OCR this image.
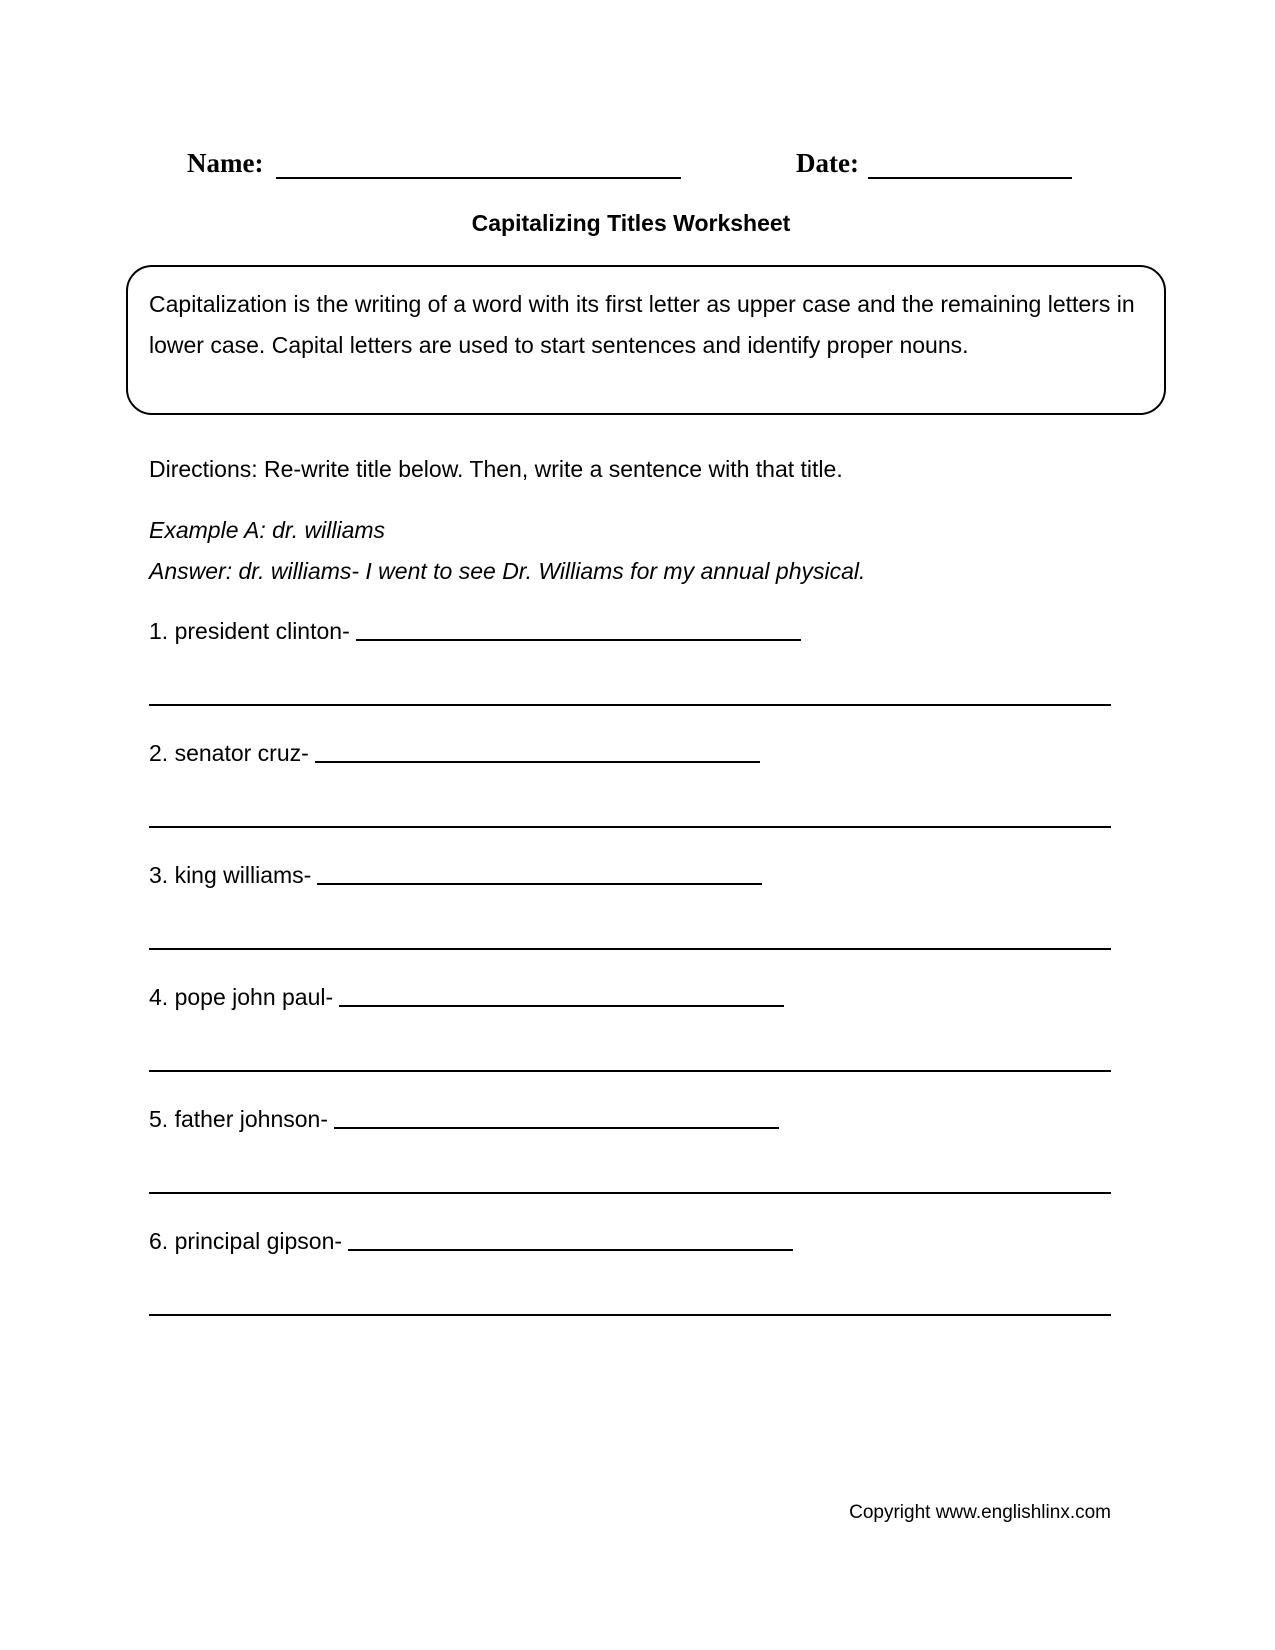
Name:	Date:
Capitalizing Titles Worksheet
Capitalization is the writing of a word with its first letter as upper case and the remaining letters in lower case. Capital letters are used to start sentences and identify proper nouns.
Directions: Re-write title below. Then, write a sentence with that title.
Example A: dr. williams
Answer: dr. williams- I went to see Dr. Williams for my annual physical.
1. president clinton-
2. senator cruz-
3. king williams-
4. pope john paul-
5. father johnson-
6. principal gipson-
Copyright www.englishlinx.com
